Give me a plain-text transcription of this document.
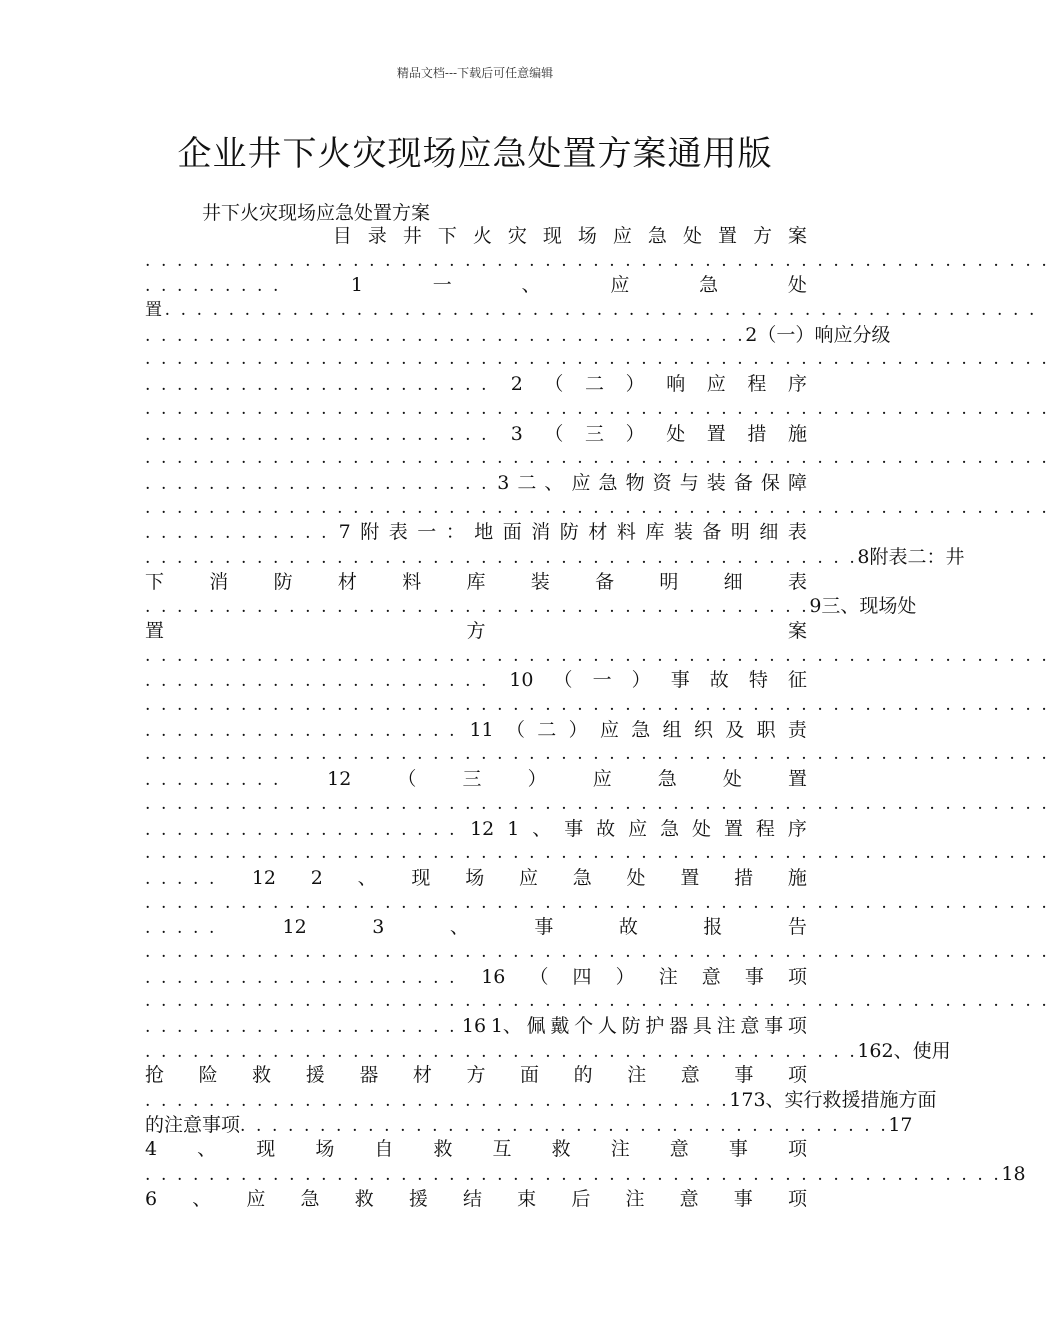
精品文档---下载后可任意编辑
企业井下火灾现场应急处置方案通用版
井下火灾现场应急处置方案
目 录 井 下 火 灾 现 场 应 急 处 置 方 案
. . . . . . . . . . . . . . . . . . . . . . . . . . . . . . . . . . . . . . . . . . . . . . . . . . . . . . . . .
. . . . . . . . .	1	一	、	应	急	处
置. . . . . . . . . . . . . . . . . . . . . . . . . . . . . . . . . . . . . . . . . . . . . . . . . . . . . . .
. . . . . . . . . . . . . . . . . . . . . . . . . . . . . . . . . . . . . . 2 （ 一 ） 响 应 分 级
. . . . . . . . . . . . . . . . . . . . . . . . . . . . . . . . . . . . . . . . . . . . . . . . . . . . . . . . .
. . . . . . . . . . . . . . . . . . . . . . 2 （ 二 ） 响 应 程 序
. . . . . . . . . . . . . . . . . . . . . . . . . . . . . . . . . . . . . . . . . . . . . . . . . . . . . . . . .
. . . . . . . . . . . . . . . . . . . . . . 3 （ 三 ） 处 置 措 施
. . . . . . . . . . . . . . . . . . . . . . . . . . . . . . . . . . . . . . . . . . . . . . . . . . . . . . . . .
. . . . . . . . . . . . . . . . . . . . . . 3 二 、 应 急 物 资 与 装 备 保 障
. . . . . . . . . . . . . . . . . . . . . . . . . . . . . . . . . . . . . . . . . . . . . . . . . . . . . . . . .
. . . . . . . . . . . . 7 附 表 一 ： 地 面 消 防 材 料 库 装 备 明 细 表
. . . . . . . . . . . . . . . . . . . . . . . . . . . . . . . . . . . . . . . . . . . . . 8 附表二：井
下 消 防 材 料 库 装 备 明 细 表
. . . . . . . . . . . . . . . . . . . . . . . . . . . . . . . . . . . . . . . . . . 9 三、现场处
置	方	案
. . . . . . . . . . . . . . . . . . . . . . . . . . . . . . . . . . . . . . . . . . . . . . . . . . . . . . . . .
. . . . . . . . . . . . . . . . . . . . . . 10 （ 一 ） 事 故 特 征
. . . . . . . . . . . . . . . . . . . . . . . . . . . . . . . . . . . . . . . . . . . . . . . . . . . . . . . . .
. . . . . . . . . . . . . . . . . . . . 11 （ 二 ） 应 急 组 织 及 职 责
. . . . . . . . . . . . . . . . . . . . . . . . . . . . . . . . . . . . . . . . . . . . . . . . . . . . . . . . .
. . . . . . . . . 12 （ 三 ） 应 急 处 置
. . . . . . . . . . . . . . . . . . . . . . . . . . . . . . . . . . . . . . . . . . . . . . . . . . . . . . . . .
. . . . . . . . . . . . . . . . . . . . 12 1 、 事 故 应 急 处 置 程 序
. . . . . . . . . . . . . . . . . . . . . . . . . . . . . . . . . . . . . . . . . . . . . . . . . . . . . . . . .
. . . . . 12 2 、 现 场 应 急 处 置 措 施
. . . . . . . . . . . . . . . . . . . . . . . . . . . . . . . . . . . . . . . . . . . . . . . . . . . . . . . . .
. . . . .	12	3	、	事	故	报	告
. . . . . . . . . . . . . . . . . . . . . . . . . . . . . . . . . . . . . . . . . . . . . . . . . . . . . . . . .
. . . . . . . . . . . . . . . . . . . . 16 （ 四 ） 注 意 事 项
. . . . . . . . . . . . . . . . . . . . . . . . . . . . . . . . . . . . . . . . . . . . . . . . . . . . . . . . .
. . . . . . . . . . . . . . . . . . . . 16 1、 佩 戴 个 人 防 护 器 具 注 意 事 项
. . . . . . . . . . . . . . . . . . . . . . . . . . . . . . . . . . . . . . . . . . . . . 16 2、使用
抢 险 救 援 器 材 方 面 的 注 意 事 项
. . . . . . . . . . . . . . . . . . . . . . . . . . . . . . . . . . . . . 17 3、实行救援措施方面
的注意事项 . . . . . . . . . . . . . . . . . . . . . . . . . . . . . . . . . . . . . . . . . 17
4 、 现 场 自 救 互 救 注 意 事 项
. . . . . . . . . . . . . . . . . . . . . . . . . . . . . . . . . . . . . . . . . . . . . . . . . . . . . . 18
6 、 应 急 救 援 结 束 后 注 意 事 项
